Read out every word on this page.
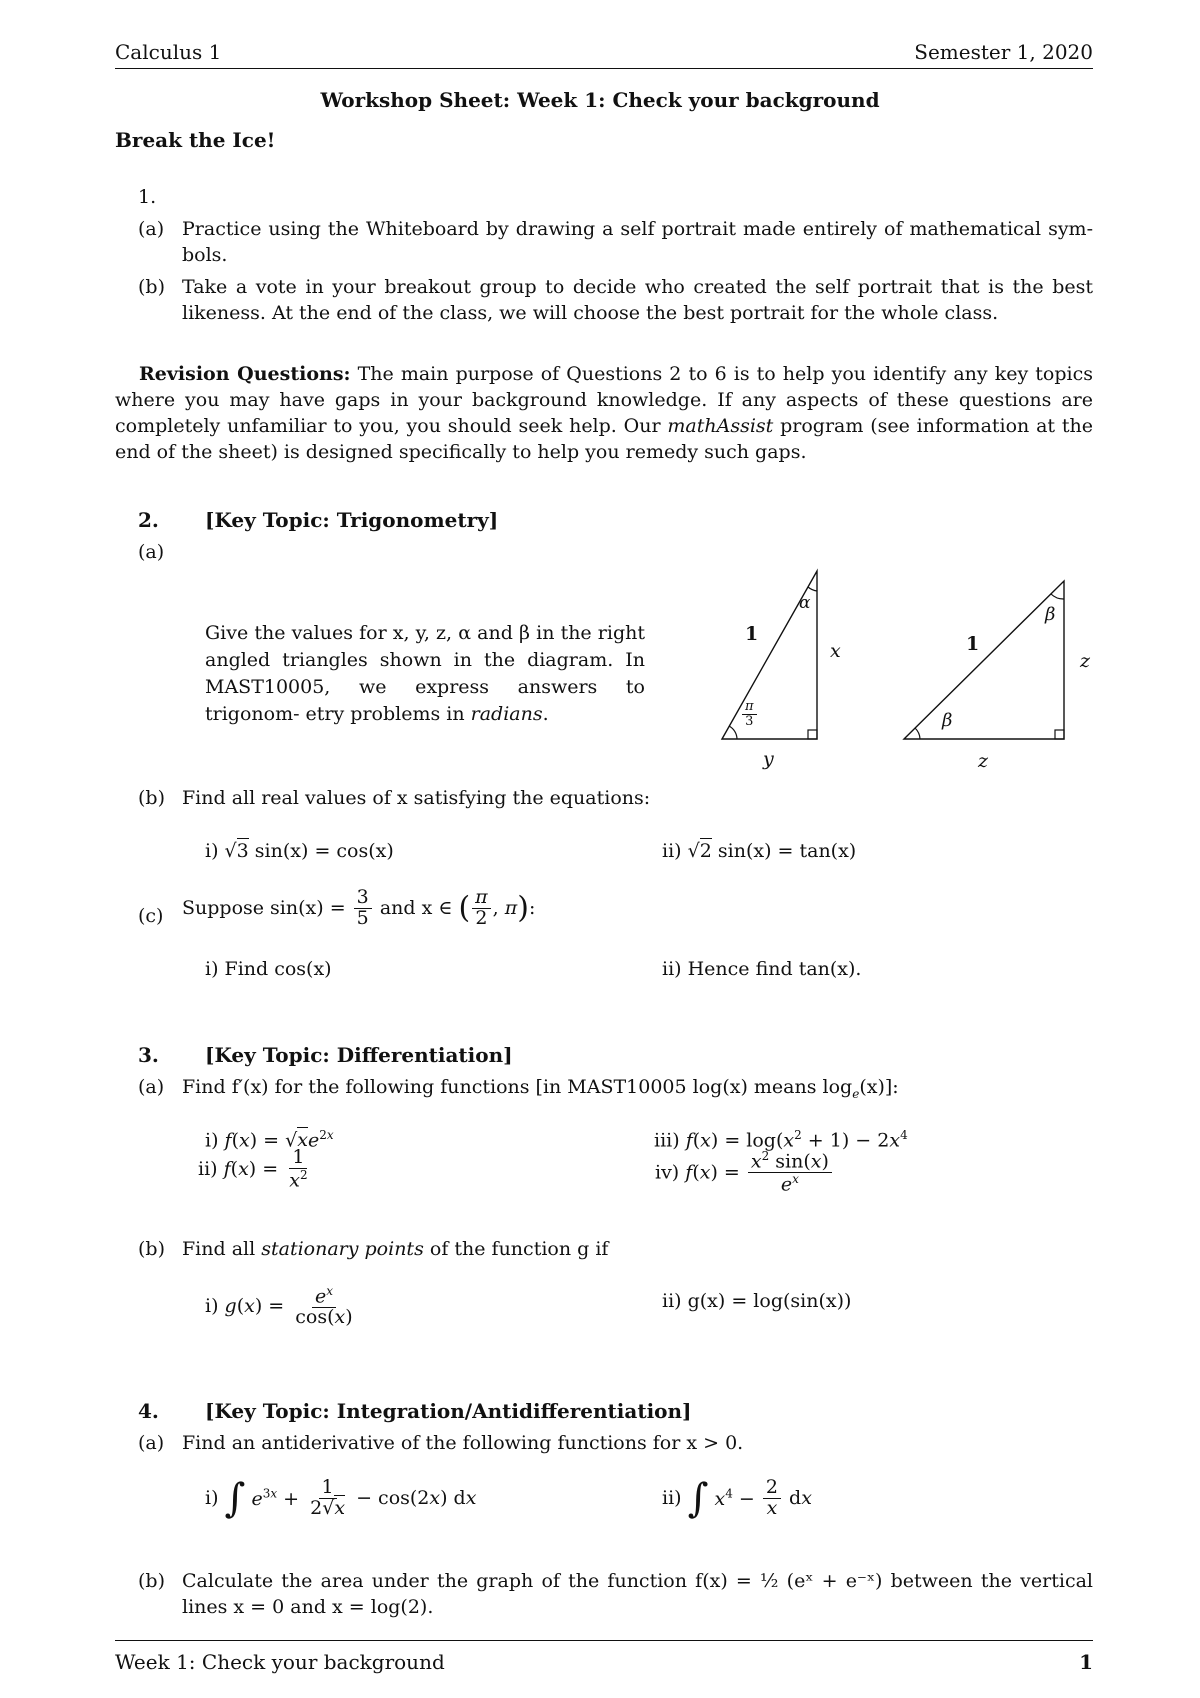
Calculus 1	Semester 1, 2020
Workshop Sheet: Week 1: Check your background
Break the Ice!
1.
(a) Practice using the Whiteboard by drawing a self portrait made entirely of mathematical sym- bols.
(b) Take a vote in your breakout group to decide who created the self portrait that is the best likeness. At the end of the class, we will choose the best portrait for the whole class.
Revision Questions: The main purpose of Questions 2 to 6 is to help you identify any key topics where you may have gaps in your background knowledge. If any aspects of these questions are completely unfamiliar to you, you should seek help. Our mathAssist program (see information at the end of the sheet) is designed specifically to help you remedy such gaps.
2. [Key Topic: Trigonometry]
(a)
Give the values for x, y, z, α and β in the right angled triangles shown in the diagram. In MAST10005, we express answers to trigonom- etry problems in radians.
1
α
x
$\frac{\pi}{3}$
y
1
β
z
β
z
(b) Find all real values of x satisfying the equations:
i) √3 sin(x) = cos(x)	ii) √2 sin(x) = tan(x)
(c) Suppose $\sin(x) = \frac{3}{5}$ and x ∈ ( $\frac{\pi}{2}$ , π):
i) Find cos(x)	ii) Hence find tan(x).
3. [Key Topic: Differentiation]
(a) Find f′(x) for the following functions [in MAST10005 log(x) means $\log_e(x)$]:
i) $f(x) = √xe^{2x}$
ii) $f(x) = \frac{1}{x^2}$
iii) $f(x) = \log(x^2 + 1) - 2x^4$
iv) $f(x) = \frac{x^2 \sin(x)}{e^x}$
(b) Find all stationary points of the function g if
i) $g(x) = \frac{e^x}{\cos(x)}$	ii) g(x) = log(sin(x))
4. [Key Topic: Integration/Antidifferentiation]
(a) Find an antiderivative of the following functions for x > 0.
i) ∫ $e^{3x} + \frac{1}{2√x} - \cos(2x)$ dx	ii) ∫ $x^4 - \frac{2}{x}$ dx
(b) Calculate the area under the graph of the function f(x) = ½ (eˣ + e⁻ˣ) between the vertical lines x = 0 and x = log(2).
Week 1: Check your background	1
